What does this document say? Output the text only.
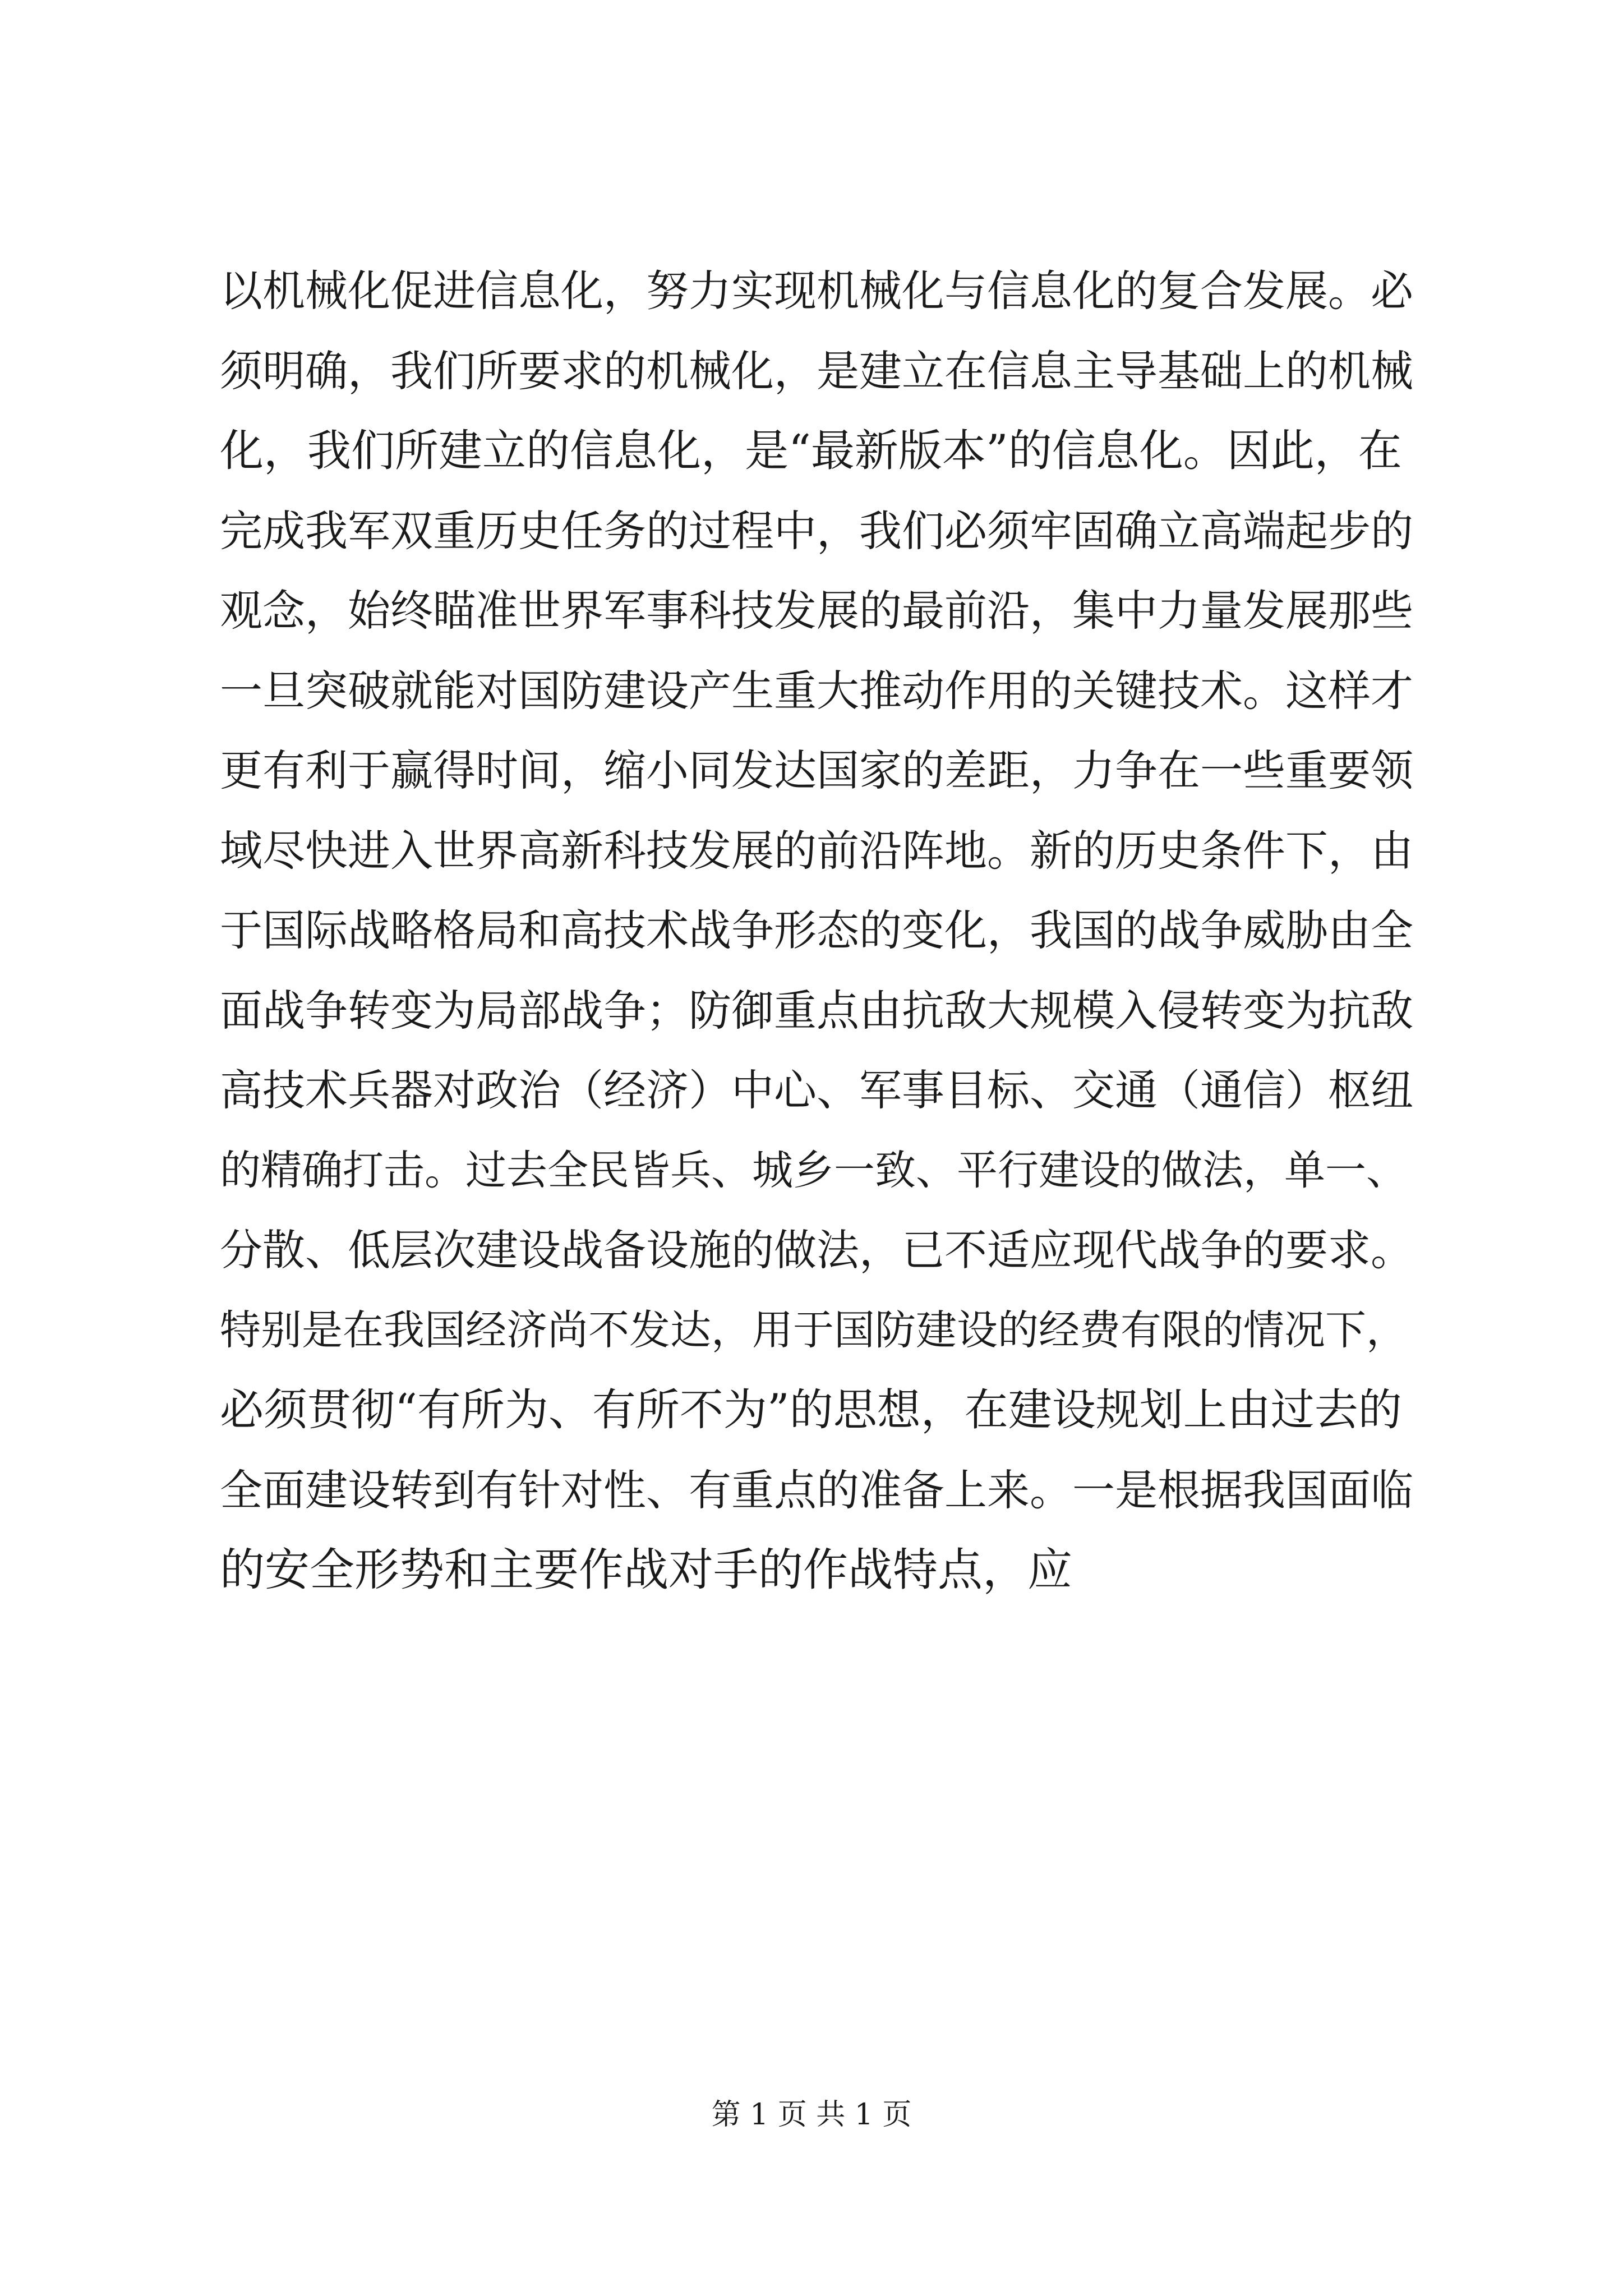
以机械化促进信息化，努力实现机械化与信息化的复合发展。必
须明确，我们所要求的机械化，是建立在信息主导基础上的机械
化，我们所建立的信息化，是“最新版本”的信息化。因此，在
完成我军双重历史任务的过程中，我们必须牢固确立高端起步的
观念，始终瞄准世界军事科技发展的最前沿，集中力量发展那些
一旦突破就能对国防建设产生重大推动作用的关键技术。这样才
更有利于赢得时间，缩小同发达国家的差距，力争在一些重要领
域尽快进入世界高新科技发展的前沿阵地。新的历史条件下，由
于国际战略格局和高技术战争形态的变化，我国的战争威胁由全
面战争转变为局部战争；防御重点由抗敌大规模入侵转变为抗敌
高技术兵器对政治（经济）中心、军事目标、交通（通信）枢纽
的精确打击。过去全民皆兵、城乡一致、平行建设的做法，单一、
分散、低层次建设战备设施的做法，已不适应现代战争的要求。
特别是在我国经济尚不发达，用于国防建设的经费有限的情况下，
必须贯彻“有所为、有所不为”的思想，在建设规划上由过去的
全面建设转到有针对性、有重点的准备上来。一是根据我国面临
的安全形势和主要作战对手的作战特点，应
第 1 页 共 1 页
